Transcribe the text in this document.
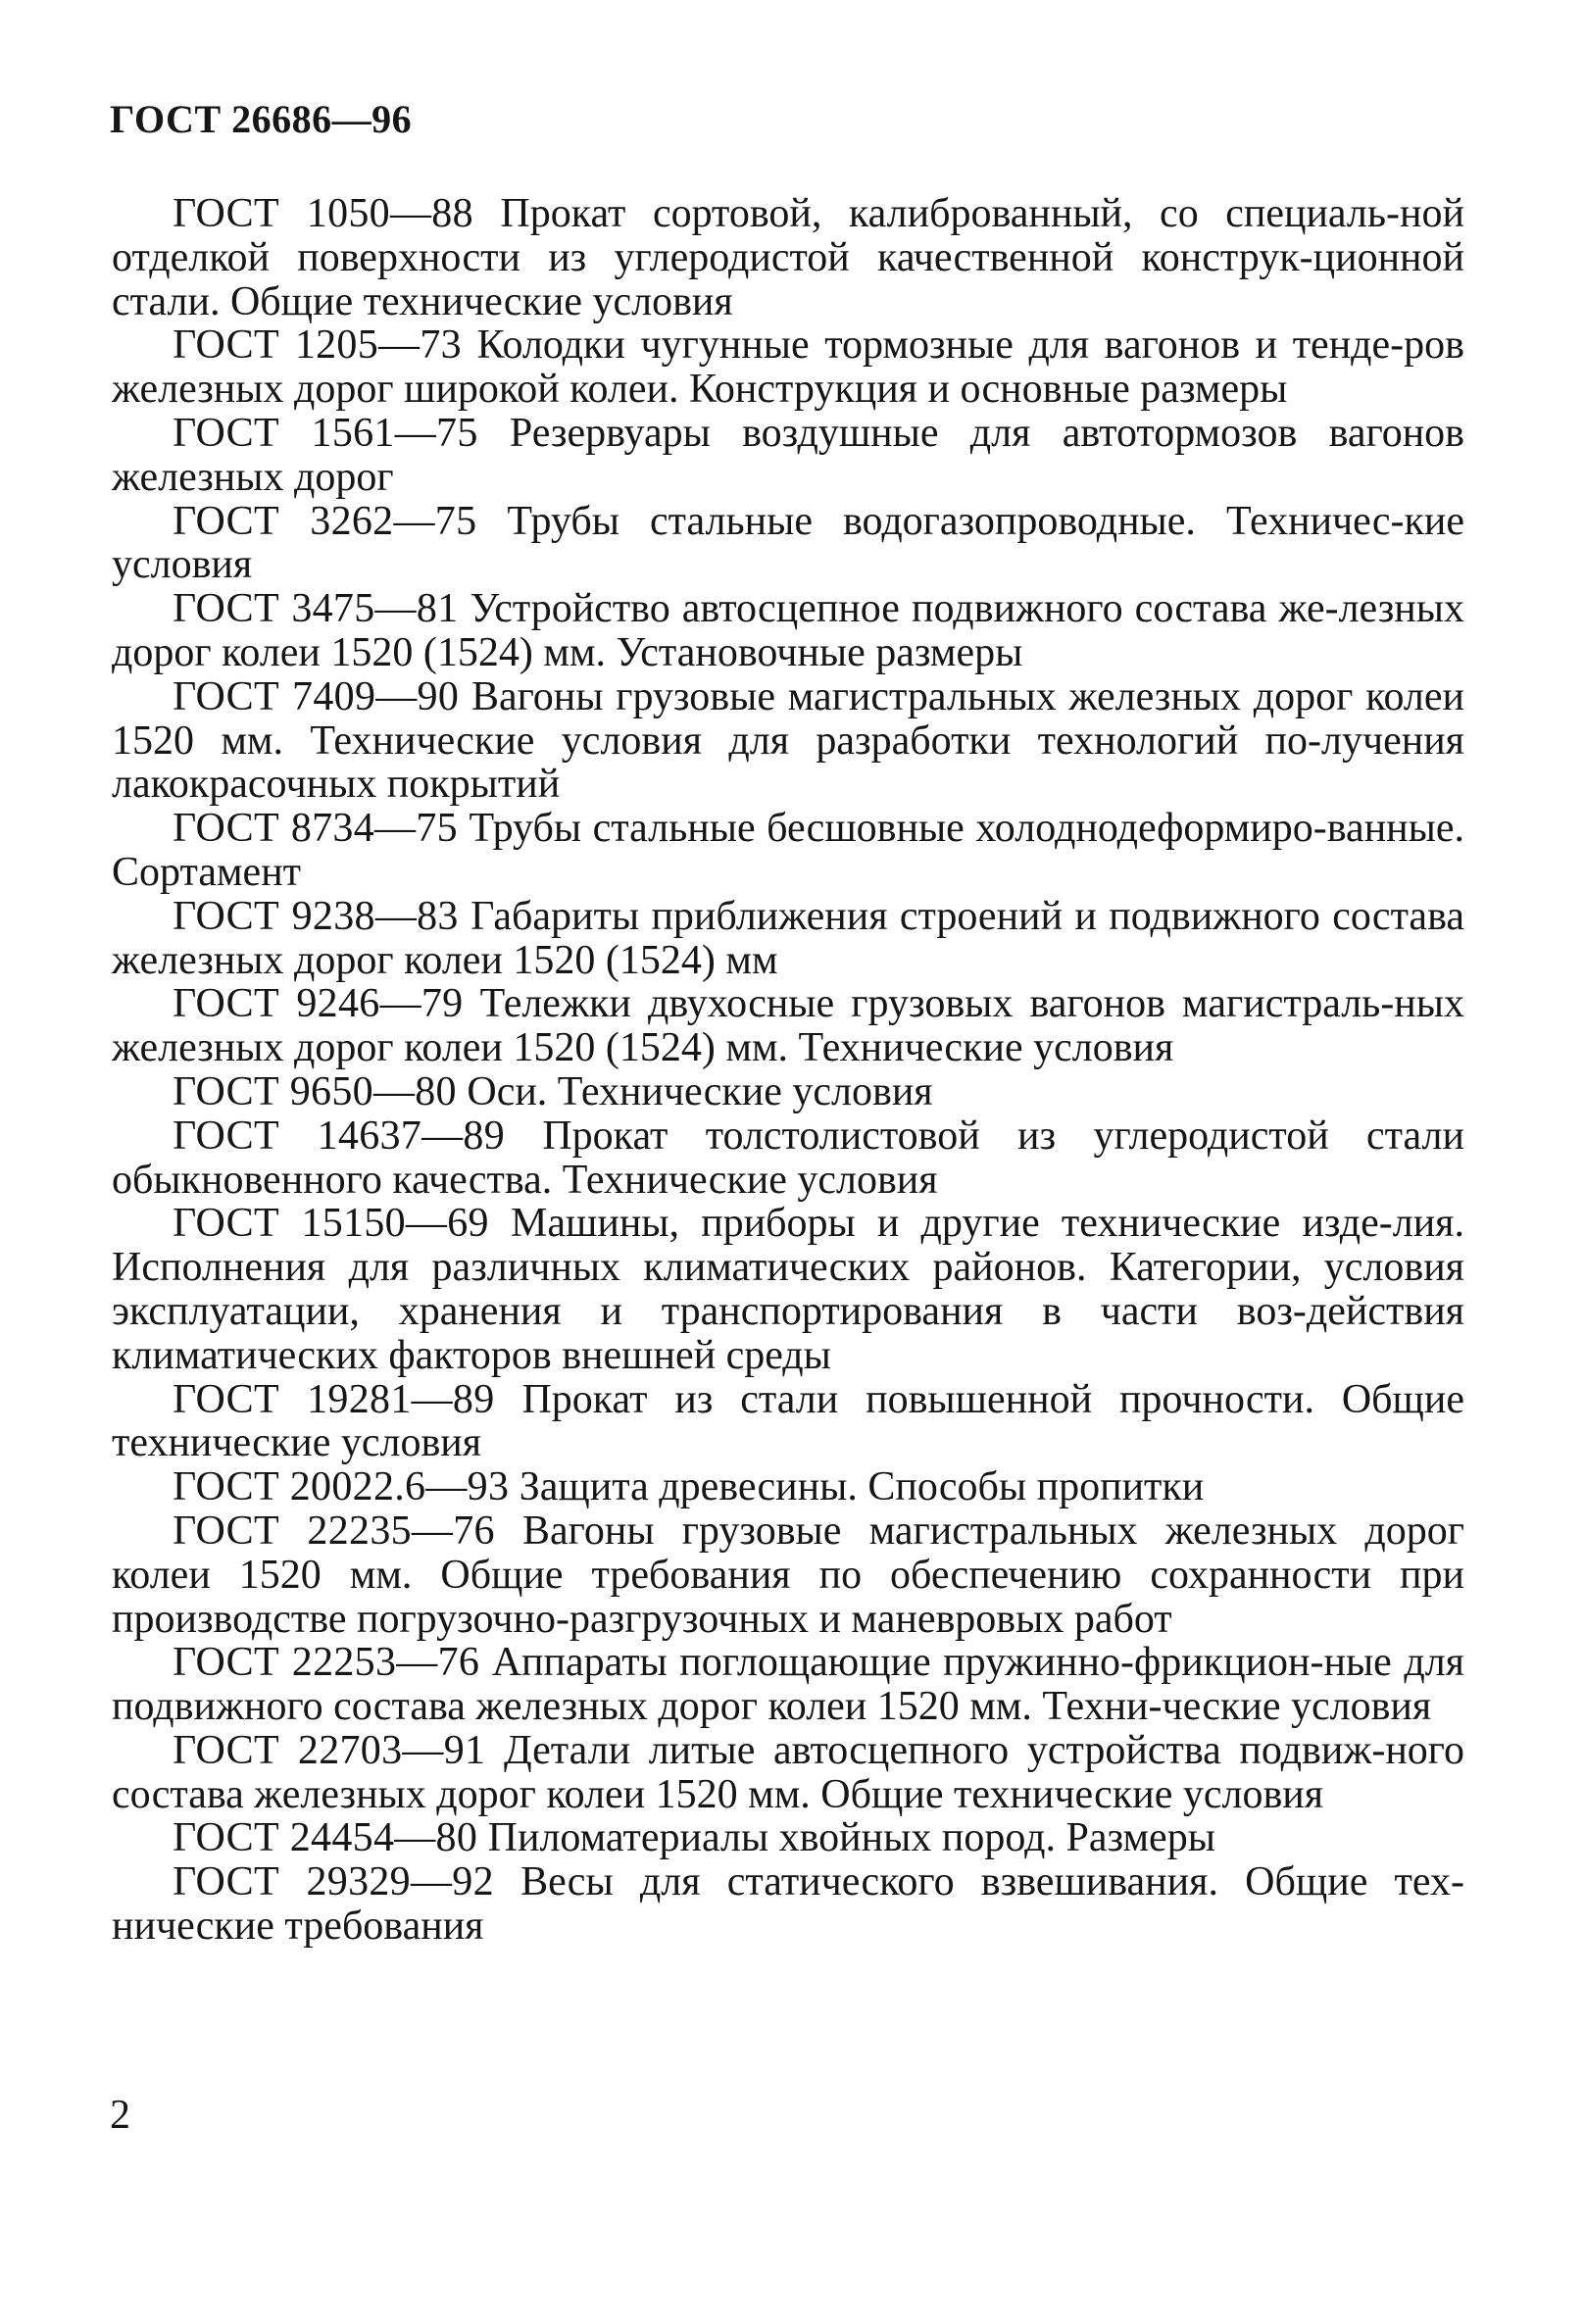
ГОСТ 26686—96
ГОСТ 1050—88 Прокат сортовой, калиброванный, со специаль-ной отделкой поверхности из углеродистой качественной конструк-ционной стали. Общие технические условия
ГОСТ 1205—73 Колодки чугунные тормозные для вагонов и тенде-ров железных дорог широкой колеи. Конструкция и основные размеры
ГОСТ 1561—75 Резервуары воздушные для автотормозов вагонов железных дорог
ГОСТ 3262—75 Трубы стальные водогазопроводные. Техничес-кие условия
ГОСТ 3475—81 Устройство автосцепное подвижного состава же-лезных дорог колеи 1520 (1524) мм. Установочные размеры
ГОСТ 7409—90 Вагоны грузовые магистральных железных дорог колеи 1520 мм. Технические условия для разработки технологий по-лучения лакокрасочных покрытий
ГОСТ 8734—75 Трубы стальные бесшовные холоднодеформиро-ванные. Сортамент
ГОСТ 9238—83 Габариты приближения строений и подвижного состава железных дорог колеи 1520 (1524) мм
ГОСТ 9246—79 Тележки двухосные грузовых вагонов магистраль-ных железных дорог колеи 1520 (1524) мм. Технические условия
ГОСТ 9650—80 Оси. Технические условия
ГОСТ 14637—89 Прокат толстолистовой из углеродистой стали обыкновенного качества. Технические условия
ГОСТ 15150—69 Машины, приборы и другие технические изде-лия. Исполнения для различных климатических районов. Категории, условия эксплуатации, хранения и транспортирования в части воз-действия климатических факторов внешней среды
ГОСТ 19281—89 Прокат из стали повышенной прочности. Общие технические условия
ГОСТ 20022.6—93 Защита древесины. Способы пропитки
ГОСТ 22235—76 Вагоны грузовые магистральных железных дорог колеи 1520 мм. Общие требования по обеспечению сохранности при производстве погрузочно-разгрузочных и маневровых работ
ГОСТ 22253—76 Аппараты поглощающие пружинно-фрикцион-ные для подвижного состава железных дорог колеи 1520 мм. Техни-ческие условия
ГОСТ 22703—91 Детали литые автосцепного устройства подвиж-ного состава железных дорог колеи 1520 мм. Общие технические условия
ГОСТ 24454—80 Пиломатериалы хвойных пород. Размеры
ГОСТ 29329—92 Весы для статического взвешивания. Общие тех-нические требования
2
